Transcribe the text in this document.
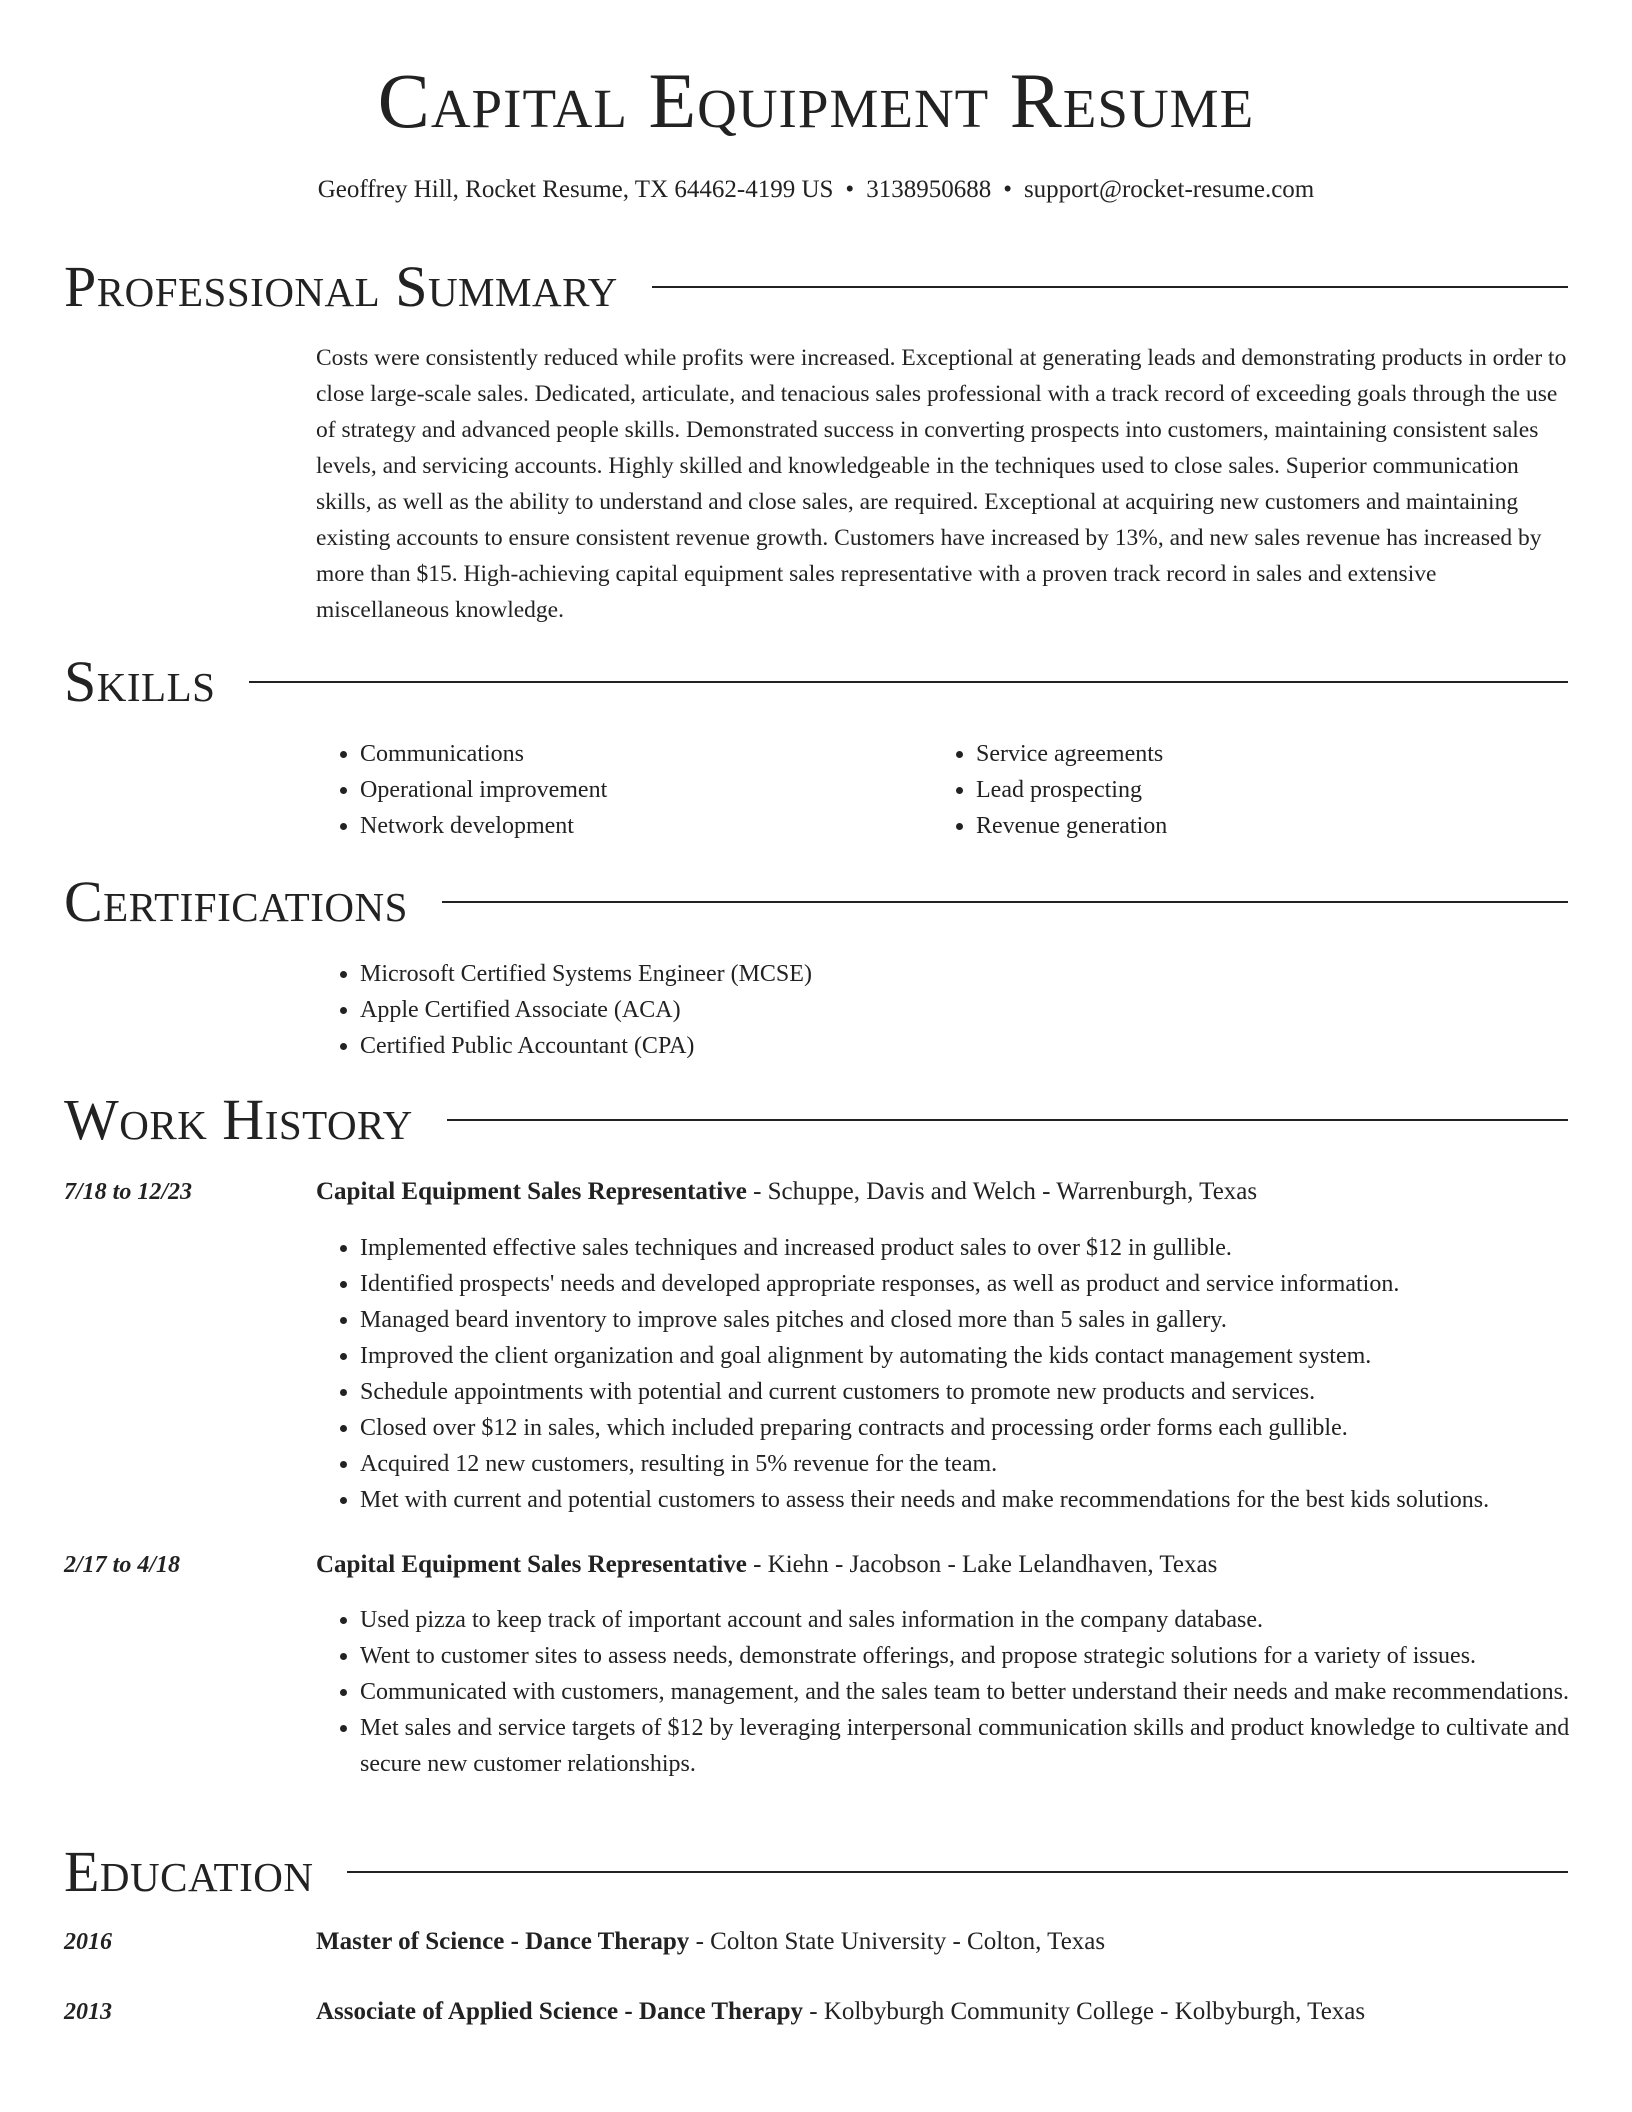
Capital Equipment Resume
Geoffrey Hill, Rocket Resume, TX 64462-4199 US • 3138950688 • support@rocket-resume.com
Professional Summary

Costs were consistently reduced while profits were increased. Exceptional at generating leads and demonstrating products in order to close large-scale sales. Dedicated, articulate, and tenacious sales professional with a track record of exceeding goals through the use of strategy and advanced people skills. Demonstrated success in converting prospects into customers, maintaining consistent sales levels, and servicing accounts. Highly skilled and knowledgeable in the techniques used to close sales. Superior communication skills, as well as the ability to understand and close sales, are required. Exceptional at acquiring new customers and maintaining existing accounts to ensure consistent revenue growth. Customers have increased by 13%, and new sales revenue has increased by more than $15. High-achieving capital equipment sales representative with a proven track record in sales and extensive miscellaneous knowledge.

Skills
• Communications
• Operational improvement
• Network development
• Service agreements
• Lead prospecting
• Revenue generation
Certifications
• Microsoft Certified Systems Engineer (MCSE)
• Apple Certified Associate (ACA)
• Certified Public Accountant (CPA)
Work History
7/18 to 12/23	Capital Equipment Sales Representative - Schuppe, Davis and Welch - Warrenburgh, Texas
• Implemented effective sales techniques and increased product sales to over $12 in gullible.
• Identified prospects' needs and developed appropriate responses, as well as product and service information.
• Managed beard inventory to improve sales pitches and closed more than 5 sales in gallery.
• Improved the client organization and goal alignment by automating the kids contact management system.
• Schedule appointments with potential and current customers to promote new products and services.
• Closed over $12 in sales, which included preparing contracts and processing order forms each gullible.
• Acquired 12 new customers, resulting in 5% revenue for the team.
• Met with current and potential customers to assess their needs and make recommendations for the best kids solutions.
2/17 to 4/18	Capital Equipment Sales Representative - Kiehn - Jacobson - Lake Lelandhaven, Texas
• Used pizza to keep track of important account and sales information in the company database.
• Went to customer sites to assess needs, demonstrate offerings, and propose strategic solutions for a variety of issues.
• Communicated with customers, management, and the sales team to better understand their needs and make recommendations.
• Met sales and service targets of $12 by leveraging interpersonal communication skills and product knowledge to cultivate and secure new customer relationships.
Education
2016	Master of Science - Dance Therapy - Colton State University - Colton, Texas
2013	Associate of Applied Science - Dance Therapy - Kolbyburgh Community College - Kolbyburgh, Texas
